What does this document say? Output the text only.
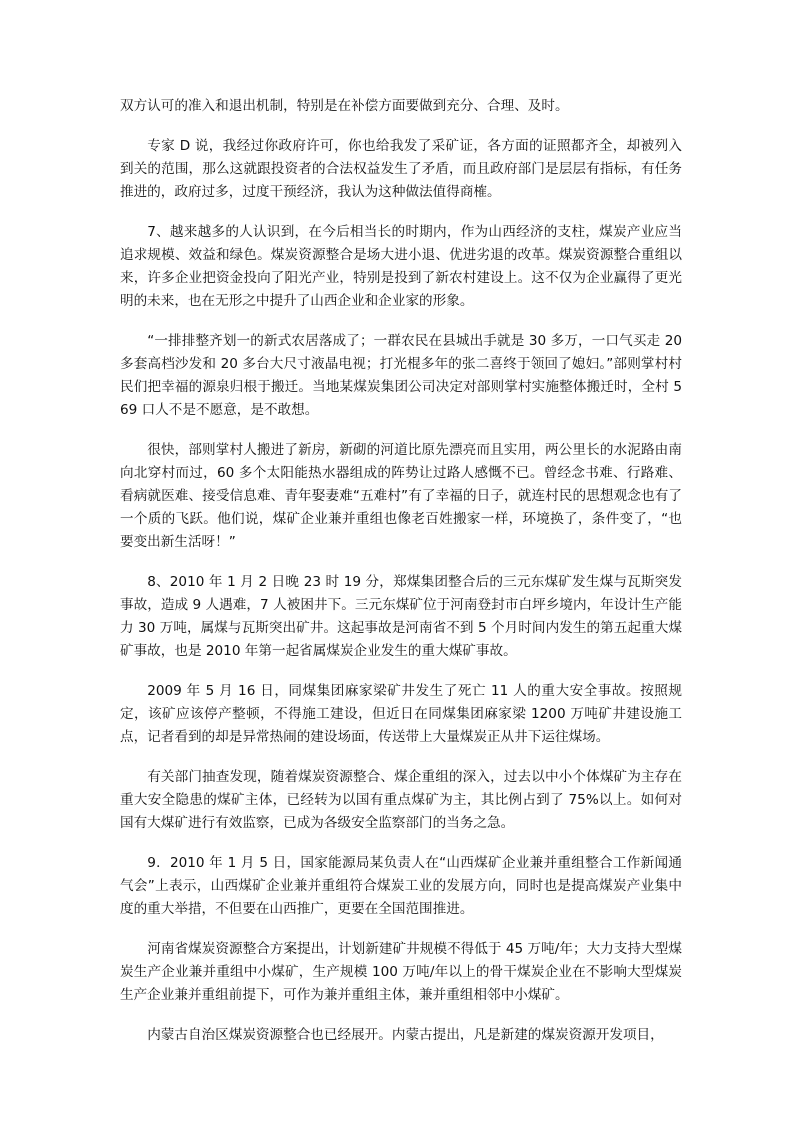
双方认可的准入和退出机制，特别是在补偿方面要做到充分、合理、及时。

专家 D 说，我经过你政府许可，你也给我发了采矿证，各方面的证照都齐全，却被列入到关的范围，那么这就跟投资者的合法权益发生了矛盾，而且政府部门是层层有指标，有任务推进的，政府过多，过度干预经济，我认为这种做法值得商榷。

7、越来越多的人认识到，在今后相当长的时期内，作为山西经济的支柱，煤炭产业应当追求规模、效益和绿色。煤炭资源整合是场大进小退、优进劣退的改革。煤炭资源整合重组以来，许多企业把资金投向了阳光产业，特别是投到了新农村建设上。这不仅为企业赢得了更光明的未来，也在无形之中提升了山西企业和企业家的形象。

“一排排整齐划一的新式农居落成了；一群农民在县城出手就是 30 多万，一口气买走 20 多套高档沙发和 20 多台大尺寸液晶电视；打光棍多年的张二喜终于领回了媳妇。”部则掌村村民们把幸福的源泉归根于搬迁。当地某煤炭集团公司决定对部则掌村实施整体搬迁时，全村 569 口人不是不愿意，是不敢想。

很快，部则掌村人搬进了新房，新砌的河道比原先漂亮而且实用，两公里长的水泥路由南向北穿村而过，60 多个太阳能热水器组成的阵势让过路人感慨不已。曾经念书难、行路难、看病就医难、接受信息难、青年娶妻难“五难村”有了幸福的日子，就连村民的思想观念也有了一个质的飞跃。他们说，煤矿企业兼并重组也像老百姓搬家一样，环境换了，条件变了，“也要变出新生活呀！”

8、2010 年 1 月 2 日晚 23 时 19 分，郑煤集团整合后的三元东煤矿发生煤与瓦斯突发事故，造成 9 人遇难，7 人被困井下。三元东煤矿位于河南登封市白坪乡境内，年设计生产能力 30 万吨，属煤与瓦斯突出矿井。这起事故是河南省不到 5 个月时间内发生的第五起重大煤矿事故，也是 2010 年第一起省属煤炭企业发生的重大煤矿事故。

2009 年 5 月 16 日，同煤集团麻家梁矿井发生了死亡 11 人的重大安全事故。按照规定，该矿应该停产整顿，不得施工建设，但近日在同煤集团麻家梁 1200 万吨矿井建设施工点，记者看到的却是异常热闹的建设场面，传送带上大量煤炭正从井下运往煤场。

有关部门抽查发现，随着煤炭资源整合、煤企重组的深入，过去以中小个体煤矿为主存在重大安全隐患的煤矿主体，已经转为以国有重点煤矿为主，其比例占到了 75%以上。如何对国有大煤矿进行有效监察，已成为各级安全监察部门的当务之急。

9．2010 年 1 月 5 日，国家能源局某负责人在“山西煤矿企业兼并重组整合工作新闻通气会”上表示，山西煤矿企业兼并重组符合煤炭工业的发展方向，同时也是提高煤炭产业集中度的重大举措，不但要在山西推广，更要在全国范围推进。

河南省煤炭资源整合方案提出，计划新建矿井规模不得低于 45 万吨/年；大力支持大型煤炭生产企业兼并重组中小煤矿，生产规模 100 万吨/年以上的骨干煤炭企业在不影响大型煤炭生产企业兼并重组前提下，可作为兼并重组主体，兼并重组相邻中小煤矿。

内蒙古自治区煤炭资源整合也已经展开。内蒙古提出，凡是新建的煤炭资源开发项目，
